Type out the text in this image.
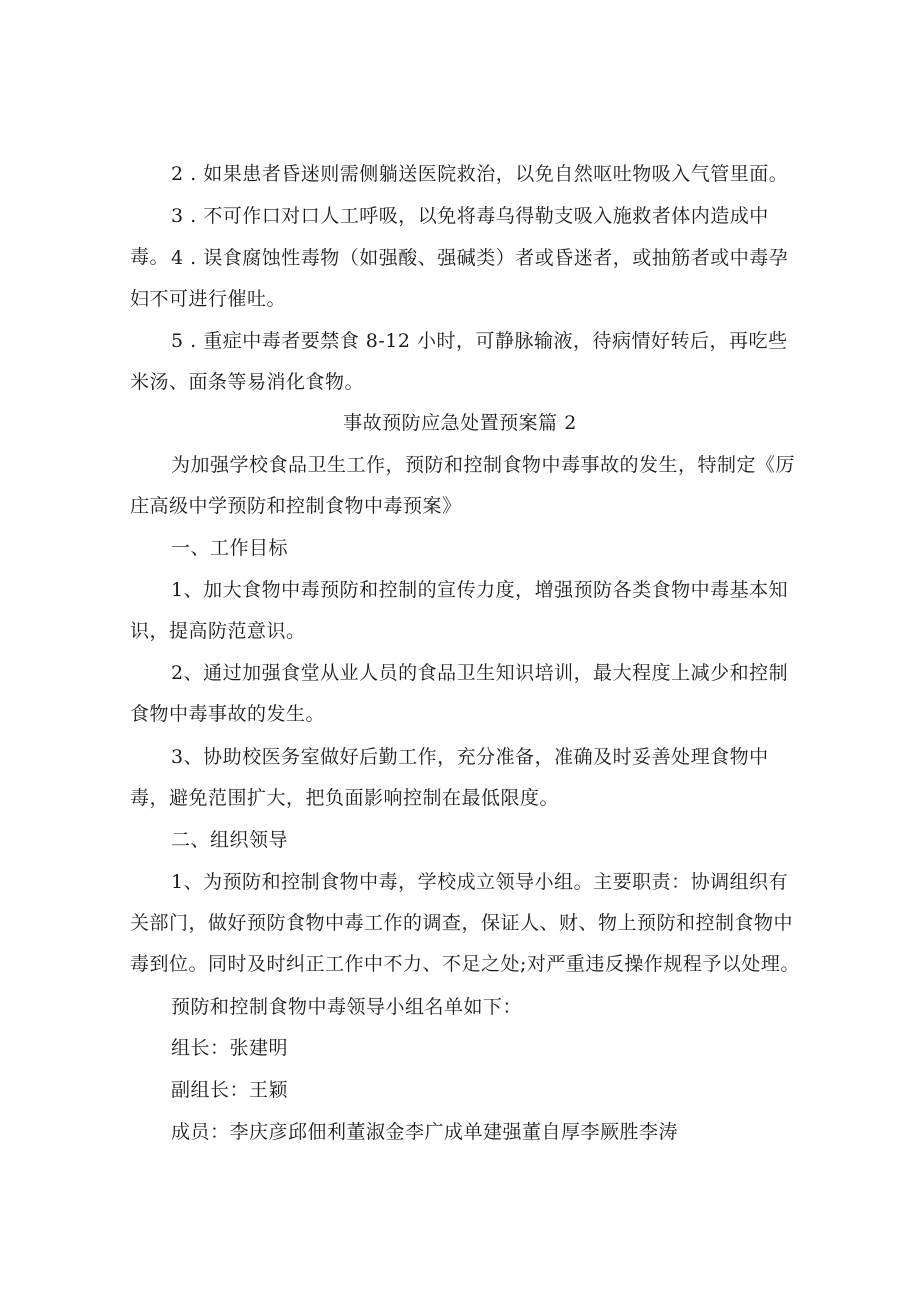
2 . 如果患者昏迷则需侧躺送医院救治，以免自然呕吐物吸入气管里面。

3 . 不可作口对口人工呼吸，以免将毒乌得勒支吸入施救者体内造成中毒。 4 . 误食腐蚀性毒物（如强酸、强碱类）者或昏迷者，或抽筋者或中毒孕妇不可进行催吐。

5 . 重症中毒者要禁食 8-12 小时，可静脉输液，待病情好转后，再吃些米汤、面条等易消化食物。

事故预防应急处置预案篇 2

为加强学校食品卫生工作，预防和控制食物中毒事故的发生，特制定《厉庄高级中学预防和控制食物中毒预案》

一、工作目标

1、加大食物中毒预防和控制的宣传力度，增强预防各类食物中毒基本知识，提高防范意识。

2、通过加强食堂从业人员的食品卫生知识培训，最大程度上减少和控制食物中毒事故的发生。

3、协助校医务室做好后勤工作，充分准备，准确及时妥善处理食物中毒，避免范围扩大，把负面影响控制在最低限度。

二、组织领导

1、为预防和控制食物中毒，学校成立领导小组。主要职责：协调组织有关部门，做好预防食物中毒工作的调查，保证人、财、物上预防和控制食物中毒到位。同时及时纠正工作中不力、不足之处;对严重违反操作规程予以处理。

预防和控制食物中毒领导小组名单如下：

组长：张建明

副组长：王颖

成员：李庆彦邱佃利董淑金李广成单建强董自厚李厥胜李涛
